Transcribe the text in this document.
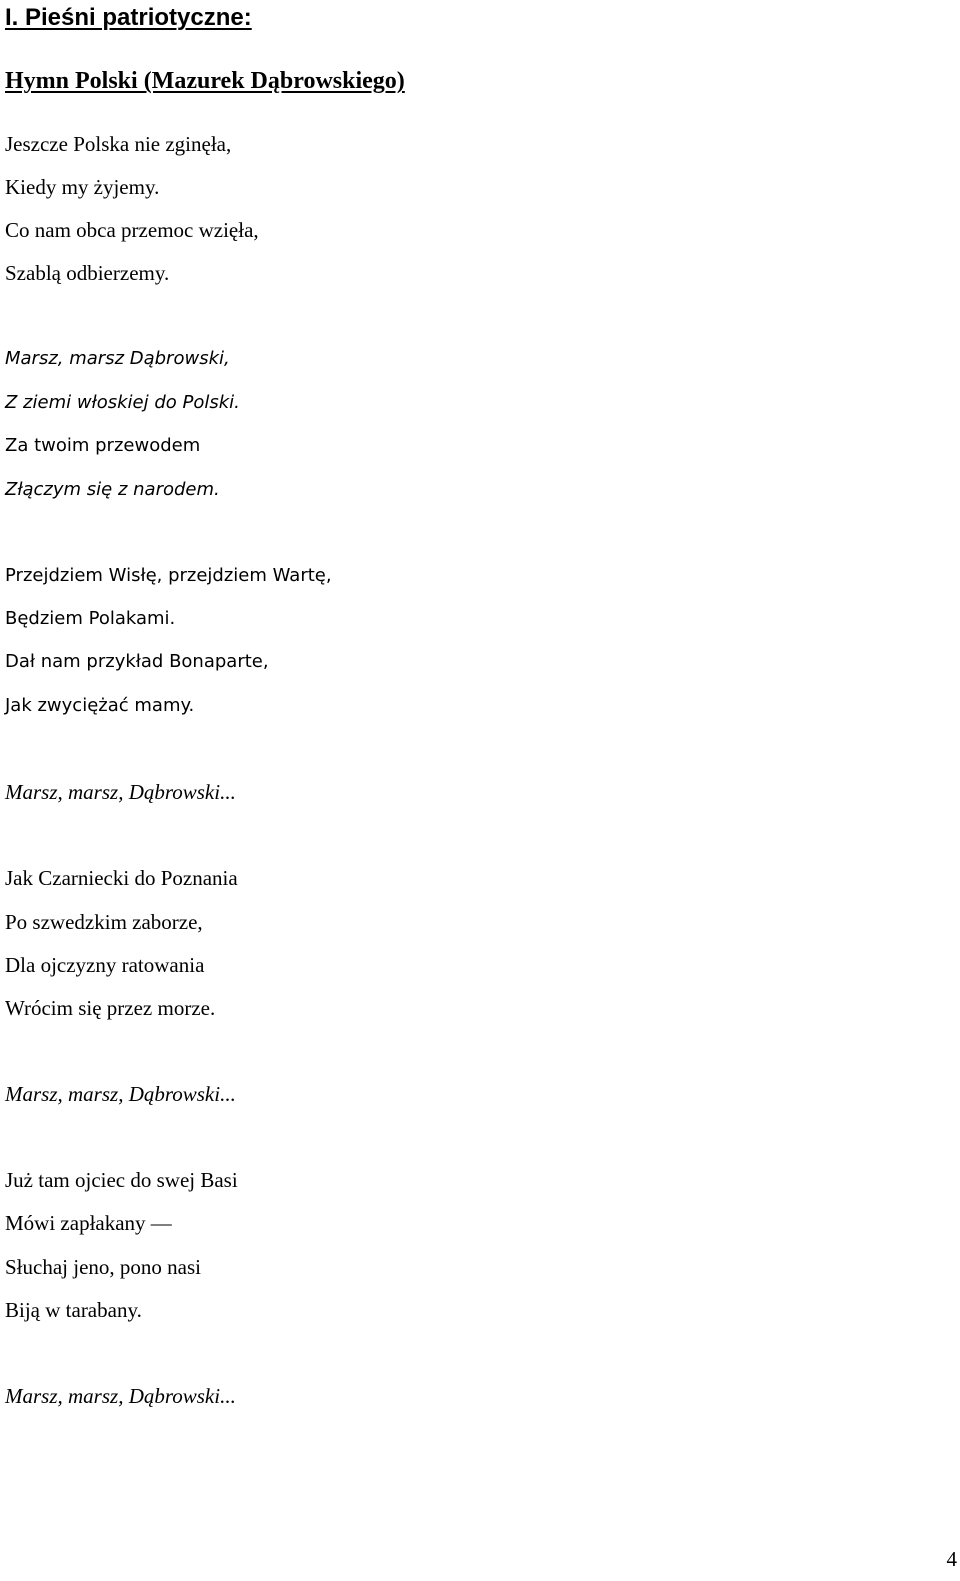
I. Pieśni patriotyczne:
Hymn Polski (Mazurek Dąbrowskiego)

Jeszcze Polska nie zginęła,

Kiedy my żyjemy.

Co nam obca przemoc wzięła,

Szablą odbierzemy.

Marsz, marsz Dąbrowski,

Z ziemi włoskiej do Polski.

Za twoim przewodem

Złączym się z narodem.

Przejdziem Wisłę, przejdziem Wartę,

Będziem Polakami.

Dał nam przykład Bonaparte,

Jak zwyciężać mamy.

Marsz, marsz, Dąbrowski...

Jak Czarniecki do Poznania

Po szwedzkim zaborze,

Dla ojczyzny ratowania

Wrócim się przez morze.

Marsz, marsz, Dąbrowski...

Już tam ojciec do swej Basi

Mówi zapłakany —

Słuchaj jeno, pono nasi

Biją w tarabany.

Marsz, marsz, Dąbrowski...

4
